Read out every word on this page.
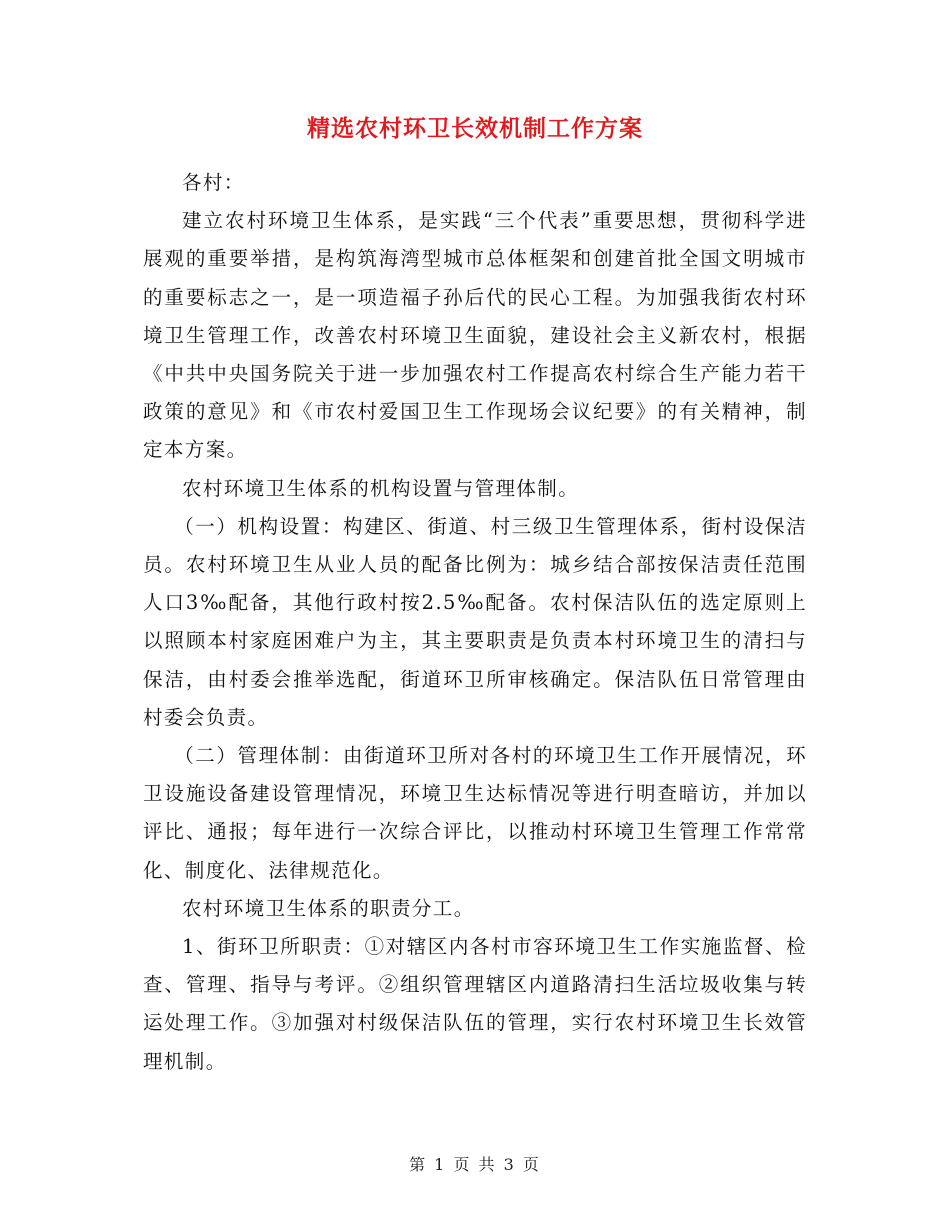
精选农村环卫长效机制工作方案

各村：

建立农村环境卫生体系，是实践“三个代表”重要思想，贯彻科学进展观的重要举措，是构筑海湾型城市总体框架和创建首批全国文明城市的重要标志之一，是一项造福子孙后代的民心工程。为加强我街农村环境卫生管理工作，改善农村环境卫生面貌，建设社会主义新农村，根据《中共中央国务院关于进一步加强农村工作提高农村综合生产能力若干政策的意见》和《市农村爱国卫生工作现场会议纪要》的有关精神，制定本方案。

农村环境卫生体系的机构设置与管理体制。

（一）机构设置：构建区、街道、村三级卫生管理体系，街村设保洁员。农村环境卫生从业人员的配备比例为：城乡结合部按保洁责任范围人口3‰配备，其他行政村按2.5‰配备。农村保洁队伍的选定原则上以照顾本村家庭困难户为主，其主要职责是负责本村环境卫生的清扫与保洁，由村委会推举选配，街道环卫所审核确定。保洁队伍日常管理由村委会负责。

（二）管理体制：由街道环卫所对各村的环境卫生工作开展情况，环卫设施设备建设管理情况，环境卫生达标情况等进行明查暗访，并加以评比、通报；每年进行一次综合评比，以推动村环境卫生管理工作常常化、制度化、法律规范化。

农村环境卫生体系的职责分工。

1、街环卫所职责：①对辖区内各村市容环境卫生工作实施监督、检查、管理、指导与考评。②组织管理辖区内道路清扫生活垃圾收集与转运处理工作。③加强对村级保洁队伍的管理，实行农村环境卫生长效管理机制。

第 1 页 共 3 页
